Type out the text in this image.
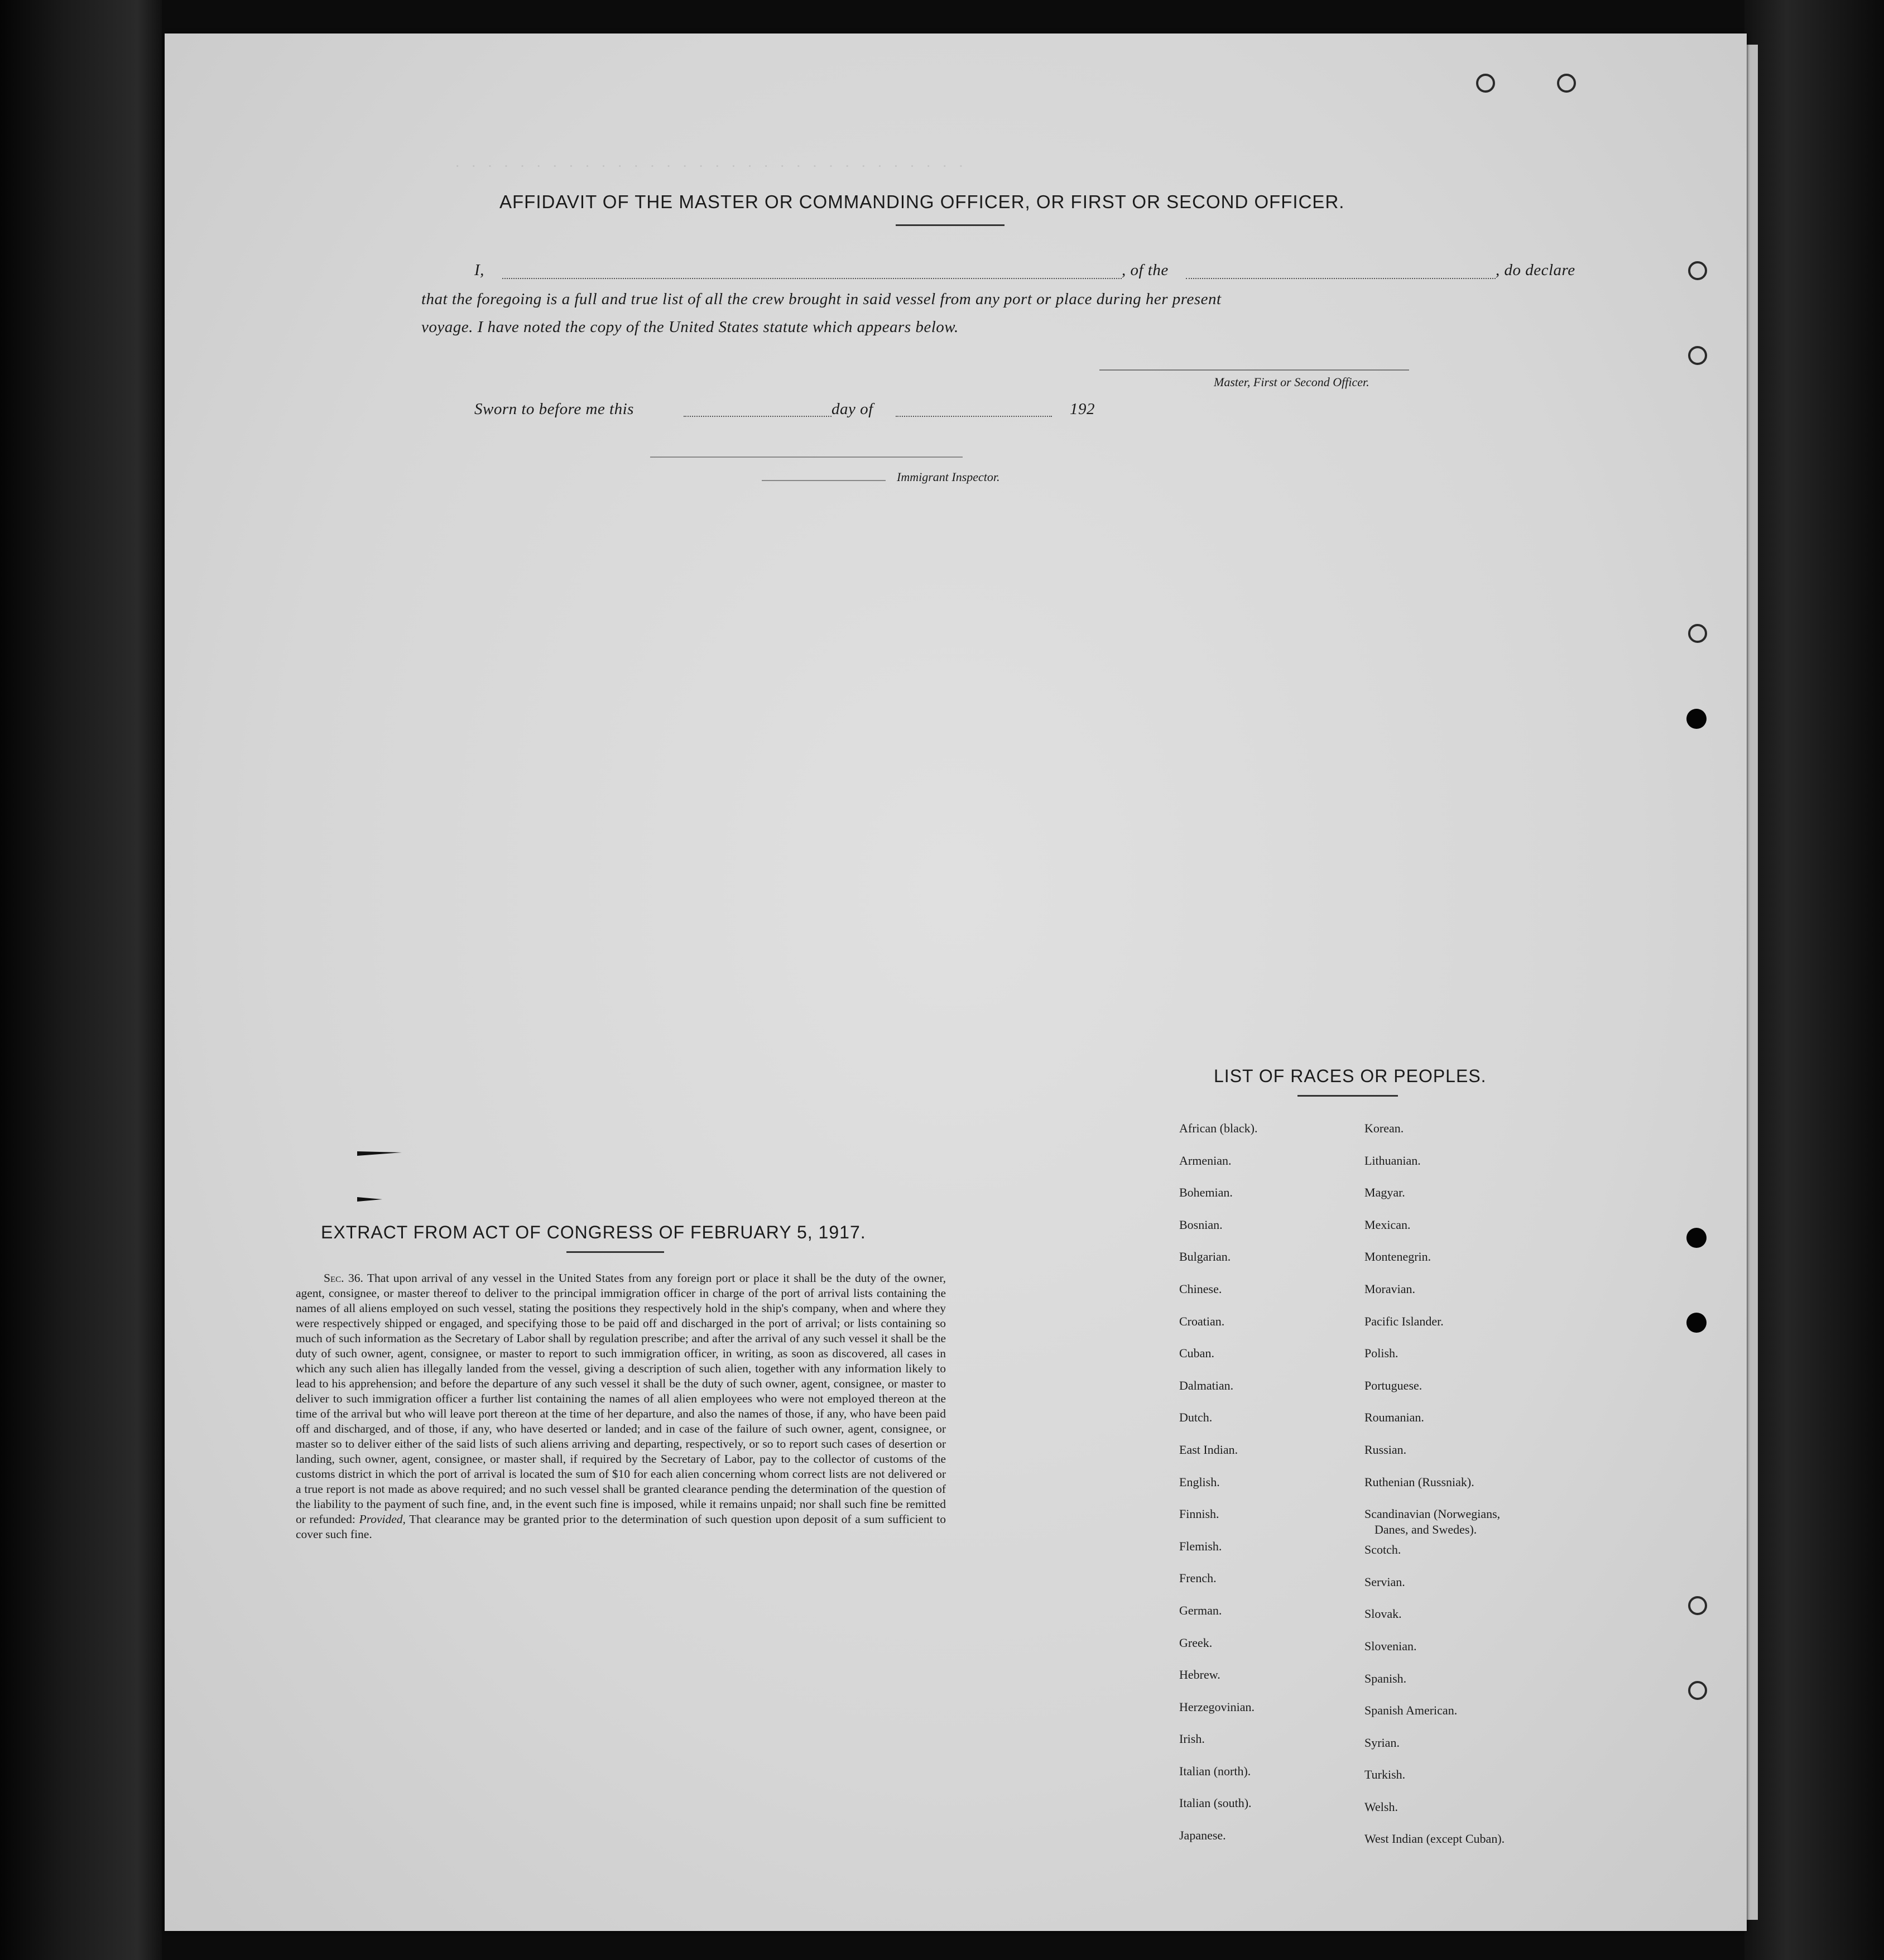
· · · · · · · · · · · · · · · · · · · · · · · · · · · · · · · ·
AFFIDAVIT OF THE MASTER OR COMMANDING OFFICER, OR FIRST OR SECOND OFFICER.
I,	, of the	, do declare
that the foregoing is a full and true list of all the crew brought in said vessel from any port or place during her present
voyage. I have noted the copy of the United States statute which appears below.
Master, First or Second Officer.
Sworn to before me this	day of	192
Immigrant Inspector.
EXTRACT FROM ACT OF CONGRESS OF FEBRUARY 5, 1917.
Sec. 36. That upon arrival of any vessel in the United States from any foreign port or place it shall be the duty of the owner, agent, consignee, or master thereof to deliver to the principal immigration officer in charge of the port of arrival lists containing the names of all aliens employed on such vessel, stating the positions they respectively hold in the ship's company, when and where they were respectively shipped or engaged, and specifying those to be paid off and discharged in the port of arrival; or lists containing so much of such information as the Secretary of Labor shall by regulation prescribe; and after the arrival of any such vessel it shall be the duty of such owner, agent, consignee, or master to report to such immigration officer, in writing, as soon as discovered, all cases in which any such alien has illegally landed from the vessel, giving a description of such alien, together with any information likely to lead to his apprehension; and before the departure of any such vessel it shall be the duty of such owner, agent, consignee, or master to deliver to such immigration officer a further list containing the names of all alien employees who were not employed thereon at the time of the arrival but who will leave port thereon at the time of her departure, and also the names of those, if any, who have been paid off and discharged, and of those, if any, who have deserted or landed; and in case of the failure of such owner, agent, consignee, or master so to deliver either of the said lists of such aliens arriving and departing, respectively, or so to report such cases of desertion or landing, such owner, agent, consignee, or master shall, if required by the Secretary of Labor, pay to the collector of customs of the customs district in which the port of arrival is located the sum of $10 for each alien concerning whom correct lists are not delivered or a true report is not made as above required; and no such vessel shall be granted clearance pending the determination of the question of the liability to the payment of such fine, and, in the event such fine is imposed, while it remains unpaid; nor shall such fine be remitted or refunded: Provided, That clearance may be granted prior to the determination of such question upon deposit of a sum sufficient to cover such fine.
LIST OF RACES OR PEOPLES.
African (black).
Armenian.
Bohemian.
Bosnian.
Bulgarian.
Chinese.
Croatian.
Cuban.
Dalmatian.
Dutch.
East Indian.
English.
Finnish.
Flemish.
French.
German.
Greek.
Hebrew.
Herzegovinian.
Irish.
Italian (north).
Italian (south).
Japanese.
Korean.
Lithuanian.
Magyar.
Mexican.
Montenegrin.
Moravian.
Pacific Islander.
Polish.
Portuguese.
Roumanian.
Russian.
Ruthenian (Russniak).
Scandinavian (Norwegians,
Danes, and Swedes).
Scotch.
Servian.
Slovak.
Slovenian.
Spanish.
Spanish American.
Syrian.
Turkish.
Welsh.
West Indian (except Cuban).
